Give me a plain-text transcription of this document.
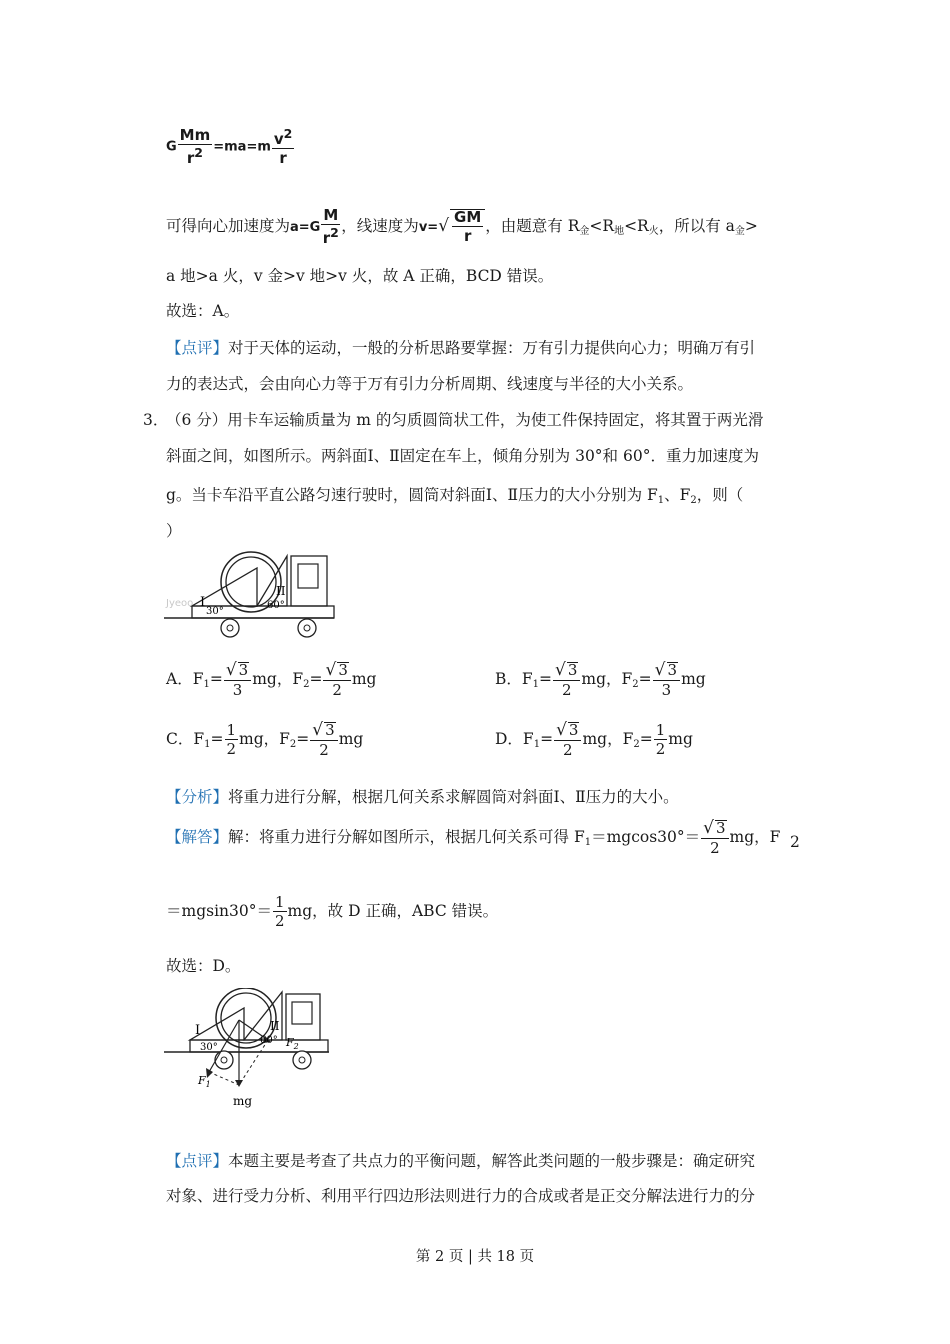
G $\frac{Mm}{r^2} =ma=m \frac{v^2}{r}$
可得向心加速度为$a=G \frac{M}{r^2}$ ，线速度为$v=√ \frac{GM}{r}$ ，由题意有 $R_金<R_地<R_火$，所以有 $a_金>$
a 地>a 火，v 金>v 地>v 火，故 A 正确，BCD 错误。
故选：A。
【点评】对于天体的运动，一般的分析思路要掌握：万有引力提供向心力；明确万有引
力的表达式，会由向心力等于万有引力分析周期、线速度与半径的大小关系。
3．
（6 分）用卡车运输质量为 m 的匀质圆筒状工件，为使工件保持固定，将其置于两光滑
斜面之间，如图所示。两斜面Ⅰ、Ⅱ固定在车上，倾角分别为 30°和 60°．重力加速度为
g。当卡车沿平直公路匀速行驶时，圆筒对斜面Ⅰ、Ⅱ压力的大小分别为 $F_1$、$F_2$，则（
）
I
30°
II
60°
Jyeoo
A．$F_1= \frac{√ 3}{3}$ mg，$F_2= \frac{√ 3}{2}$ mg	B．$F_1= \frac{√ 3}{2}$ mg，$F_2= \frac{√ 3}{3}$ mg
C．$F_1= \frac{1}{2}$ mg，$F_2= \frac{√ 3}{2}$ mg	D．$F_1= \frac{√ 3}{2}$ mg，$F_2= \frac{1}{2}$ mg
【分析】将重力进行分解，根据几何关系求解圆筒对斜面Ⅰ、Ⅱ压力的大小。
【解答】解：将重力进行分解如图所示，根据几何关系可得 $F_1=mgcos30^\circ= \frac{√ 3}{2}$ mg，F 2
$=mgsin30^\circ= \frac{1}{2}$ mg，故 D 正确，ABC 错误。
故选：D。
I
30°
II
60°
$F_1$
$F_2$
mg
【点评】本题主要是考查了共点力的平衡问题，解答此类问题的一般步骤是：确定研究
对象、进行受力分析、利用平行四边形法则进行力的合成或者是正交分解法进行力的分
第 2 页 | 共 18 页
